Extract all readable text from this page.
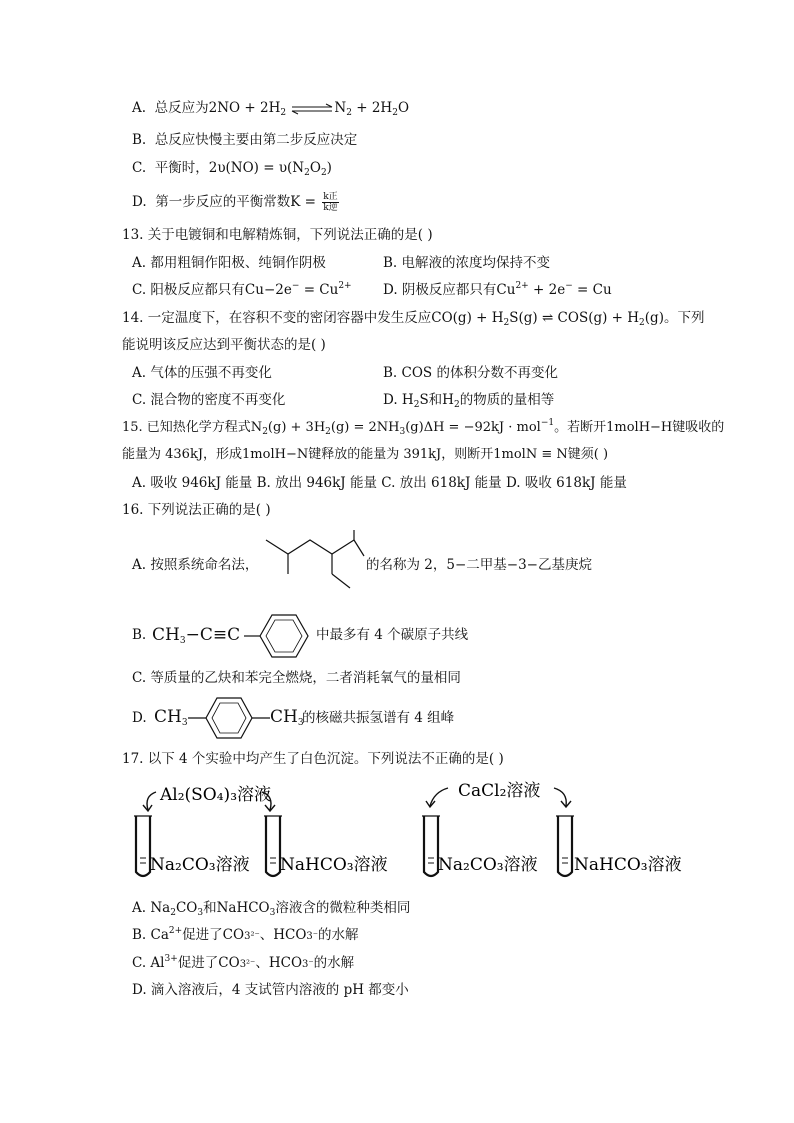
A. 总反应为$2NO + 2H_2$ $\rightleftharpoons N_2 + 2H_2O$
B. 总反应快慢主要由第二步反应决定
C. 平衡时，$2\upsilon(NO) = \upsilon(N_2O_2)$
D. 第一步反应的平衡常数$K = \frac{\text{k正}}{\text{k逆}}$
13. 关于电镀铜和电解精炼铜，下列说法正确的是( )
A. 都用粗铜作阳极、纯铜作阴极	B. 电解液的浓度均保持不变
C. 阳极反应都只有$Cu-2e^- = Cu^{2+}$ D. 阴极反应都只有$Cu^{2+} + 2e^- = Cu$
14. 一定温度下，在容积不变的密闭容器中发生反应$CO(g) + H_2S(g)$ ⇌ $COS(g) + H_2(g)$。下列
能说明该反应达到平衡状态的是( )
A. 气体的压强不再变化	B. COS 的体积分数不再变化
C. 混合物的密度不再变化	D. $H_2S$和$H_2$的物质的量相等
15. 已知热化学方程式$N_2(g) + 3H_2(g) = 2NH_3(g)\Delta H = -92kJ \cdot mol^{-1}$。若断开1molH−H键吸收的
能量为 436kJ，形成1molH−N键释放的能量为 391kJ，则断开1molN ≡ N键须( )
A. 吸收 946kJ 能量 B. 放出 946kJ 能量 C. 放出 618kJ 能量 D. 吸收 618kJ 能量
16. 下列说法正确的是( )
A. 按照系统命名法，	的名称为 2，5−二甲基−3−乙基庚烷
B. $CH_3-C\equiv C$	中最多有 4 个碳原子共线
C. 等质量的乙炔和苯完全燃烧，二者消耗氧气的量相同
D. $CH_3$	$CH_3$
的核磁共振氢谱有 4 组峰
17. 以下 4 个实验中均产生了白色沉淀。下列说法不正确的是( )
Al₂(SO₄)₃溶液	CaCl₂溶液
Na₂CO₃溶液 NaHCO₃溶液	Na₂CO₃溶液 NaHCO₃溶液
A. $Na_2CO_3$和NaHCO$_3$溶液含的微粒种类相同
B. $Ca^{2+}$促进了CO3²⁻、HCO3⁻的水解
C. $Al^{3+}$促进了CO3²⁻、HCO3⁻的水解
D. 滴入溶液后，4 支试管内溶液的 pH 都变小
